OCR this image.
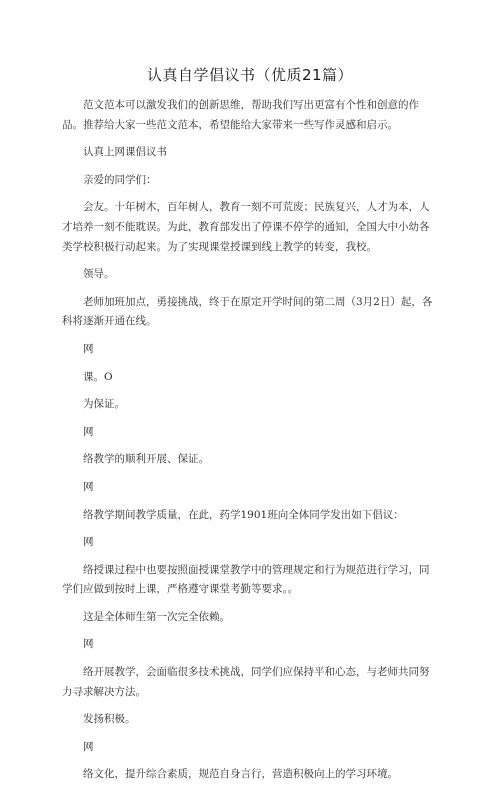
认真自学倡议书（优质21篇）

范文范本可以激发我们的创新思维，帮助我们写出更富有个性和创意的作品。推荐给大家一些范文范本，希望能给大家带来一些写作灵感和启示。

认真上网课倡议书

亲爱的同学们：

会友。十年树木，百年树人，教育一刻不可荒废；民族复兴，人才为本，人才培养一刻不能耽误。为此，教育部发出了停课不停学的通知，全国大中小幼各类学校积极行动起来。为了实现课堂授课到线上教学的转变，我校。

领导。

老师加班加点，勇接挑战，终于在原定开学时间的第二周（3月2日）起，各科将逐渐开通在线。

网

课。O

为保证。

网

络教学的顺利开展、保证。

网

络教学期间教学质量，在此，药学1901班向全体同学发出如下倡议：

网

络授课过程中也要按照面授课堂教学中的管理规定和行为规范进行学习，同学们应做到按时上课，严格遵守课堂考勤等要求。。

这是全体师生第一次完全依赖。

网

络开展教学，会面临很多技术挑战，同学们应保持平和心态，与老师共同努力寻求解决方法。

发扬积极。

网

络文化，提升综合素质，规范自身言行，营造积极向上的学习环境。
